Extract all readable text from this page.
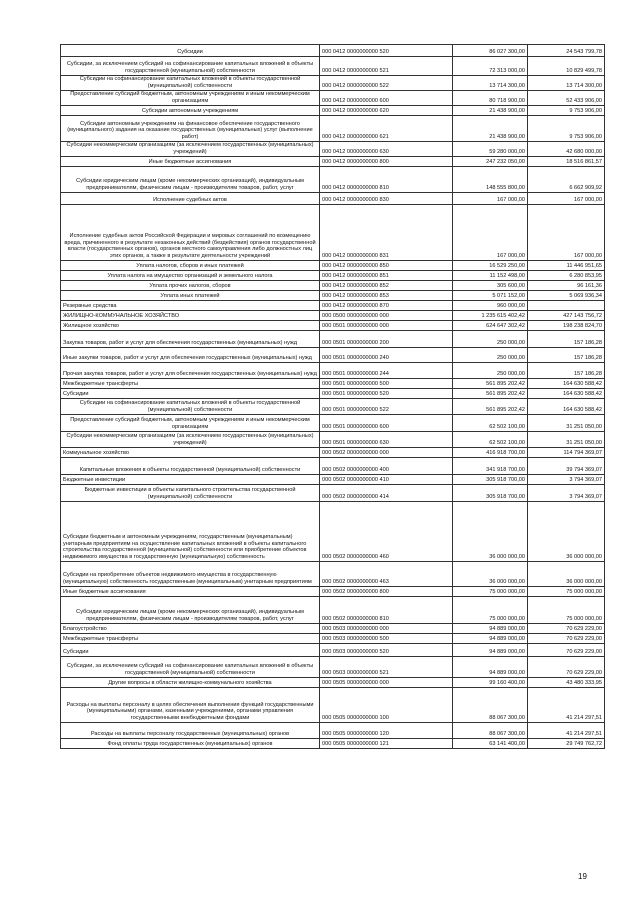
Субсидии	000 0412 0000000000 520	86 027 300,00	24 543 799,78
Субсидии, за исключением субсидий на софинансирование капитальных вложений в объекты государственной (муниципальной) собственности	000 0412 0000000000 521	72 313 000,00	10 829 499,78
Субсидии на софинансирование капитальных вложений в объекты государственной (муниципальной) собственности	000 0412 0000000000 522	13 714 300,00	13 714 300,00
Предоставление субсидий бюджетным, автономным учреждениям и иным некоммерческим организациям	000 0412 0000000000 600	80 718 900,00	52 433 906,00
Субсидии автономным учреждениям	000 0412 0000000000 620	21 438 900,00	9 753 906,00
Субсидии автономным учреждениям на финансовое обеспечение государственного (муниципального) задания на оказание государственных (муниципальных) услуг (выполнение работ)	000 0412 0000000000 621	21 438 900,00	9 753 906,00
Субсидии некоммерческим организациям (за исключением государственных (муниципальных) учреждений)	000 0412 0000000000 630	59 280 000,00	42 680 000,00
Иные бюджетные ассигнования	000 0412 0000000000 800	247 232 050,00	18 516 861,57
Субсидии юридическим лицам (кроме некоммерческих организаций), индивидуальным предпринимателям, физическим лицам - производителям товаров, работ, услуг	000 0412 0000000000 810	148 555 800,00	6 662 909,92
Исполнение судебных актов	000 0412 0000000000 830	167 000,00	167 000,00
Исполнение судебных актов Российской Федерации и мировых соглашений по возмещению вреда, причиненного в результате незаконных действий (бездействия) органов государственной власти (государственных органов), органов местного самоуправления либо должностных лиц этих органов, а также в результате деятельности учреждений	000 0412 0000000000 831	167 000,00	167 000,00
Уплата налогов, сборов и иных платежей	000 0412 0000000000 850	16 529 250,00	11 446 951,65
Уплата налога на имущество организаций и земельного налога	000 0412 0000000000 851	11 152 498,00	6 280 853,95
Уплата прочих налогов, сборов	000 0412 0000000000 852	305 600,00	96 161,36
Уплата иных платежей	000 0412 0000000000 853	5 071 152,00	5 069 936,34
Резервные средства	000 0412 0000000000 870	960 000,00	
ЖИЛИЩНО-КОММУНАЛЬНОЕ ХОЗЯЙСТВО	000 0500 0000000000 000	1 235 615 402,42	427 143 756,72
Жилищное хозяйство	000 0501 0000000000 000	624 647 302,42	198 238 824,70
Закупка товаров, работ и услуг для обеспечения государственных (муниципальных) нужд	000 0501 0000000000 200	250 000,00	157 186,28
Иные закупки товаров, работ и услуг для обеспечения государственных (муниципальных) нужд	000 0501 0000000000 240	250 000,00	157 186,28
Прочая закупка товаров, работ и услуг для обеспечения государственных (муниципальных) нужд	000 0501 0000000000 244	250 000,00	157 186,28
Межбюджетные трансферты	000 0501 0000000000 500	561 895 202,42	164 630 588,42
Субсидии	000 0501 0000000000 520	561 895 202,42	164 630 588,42
Субсидии на софинансирование капитальных вложений в объекты государственной (муниципальной) собственности	000 0501 0000000000 522	561 895 202,42	164 630 588,42
Предоставление субсидий бюджетным, автономным учреждениям и иным некоммерческим организациям	000 0501 0000000000 600	62 502 100,00	31 251 050,00
Субсидии некоммерческим организациям (за исключением государственных (муниципальных) учреждений)	000 0501 0000000000 630	62 502 100,00	31 251 050,00
Коммунальное хозяйство	000 0502 0000000000 000	416 918 700,00	114 794 369,07
Капитальные вложения в объекты государственной (муниципальной) собственности	000 0502 0000000000 400	341 918 700,00	39 794 369,07
Бюджетные инвестиции	000 0502 0000000000 410	305 918 700,00	3 794 369,07
Бюджетные инвестиции в объекты капитального строительства государственной (муниципальной) собственности	000 0502 0000000000 414	305 918 700,00	3 794 369,07
Субсидии бюджетным и автономным учреждениям, государственным (муниципальным) унитарным предприятиям на осуществление капитальных вложений в объекты капитального строительства государственной (муниципальной) собственности или приобретение объектов недвижимого имущества в государственную (муниципальную) собственность	000 0502 0000000000 460	36 000 000,00	36 000 000,00
Субсидии на приобретение объектов недвижимого имущества в государственную (муниципальную) собственность государственным (муниципальным) унитарным предприятиям	000 0502 0000000000 463	36 000 000,00	36 000 000,00
Иные бюджетные ассигнования	000 0502 0000000000 800	75 000 000,00	75 000 000,00
Субсидии юридическим лицам (кроме некоммерческих организаций), индивидуальным предпринимателям, физическим лицам - производителям товаров, работ, услуг	000 0502 0000000000 810	75 000 000,00	75 000 000,00
Благоустройство	000 0503 0000000000 000	94 889 000,00	70 629 229,00
Межбюджетные трансферты	000 0503 0000000000 500	94 889 000,00	70 629 229,00
Субсидии	000 0503 0000000000 520	94 889 000,00	70 629 229,00
Субсидии, за исключением субсидий на софинансирование капитальных вложений в объекты государственной (муниципальной) собственности	000 0503 0000000000 521	94 889 000,00	70 629 229,00
Другие вопросы в области жилищно-коммунального хозяйства	000 0505 0000000000 000	99 160 400,00	43 480 333,95
Расходы на выплаты персоналу в целях обеспечения выполнения функций государственными (муниципальными) органами, казенными учреждениями, органами управления государственными внебюджетными фондами	000 0505 0000000000 100	88 067 300,00	41 214 297,51
Расходы на выплаты персоналу государственных (муниципальных) органов	000 0505 0000000000 120	88 067 300,00	41 214 297,51
Фонд оплаты труда государственных (муниципальных) органов	000 0505 0000000000 121	63 141 400,00	29 749 762,72
19
